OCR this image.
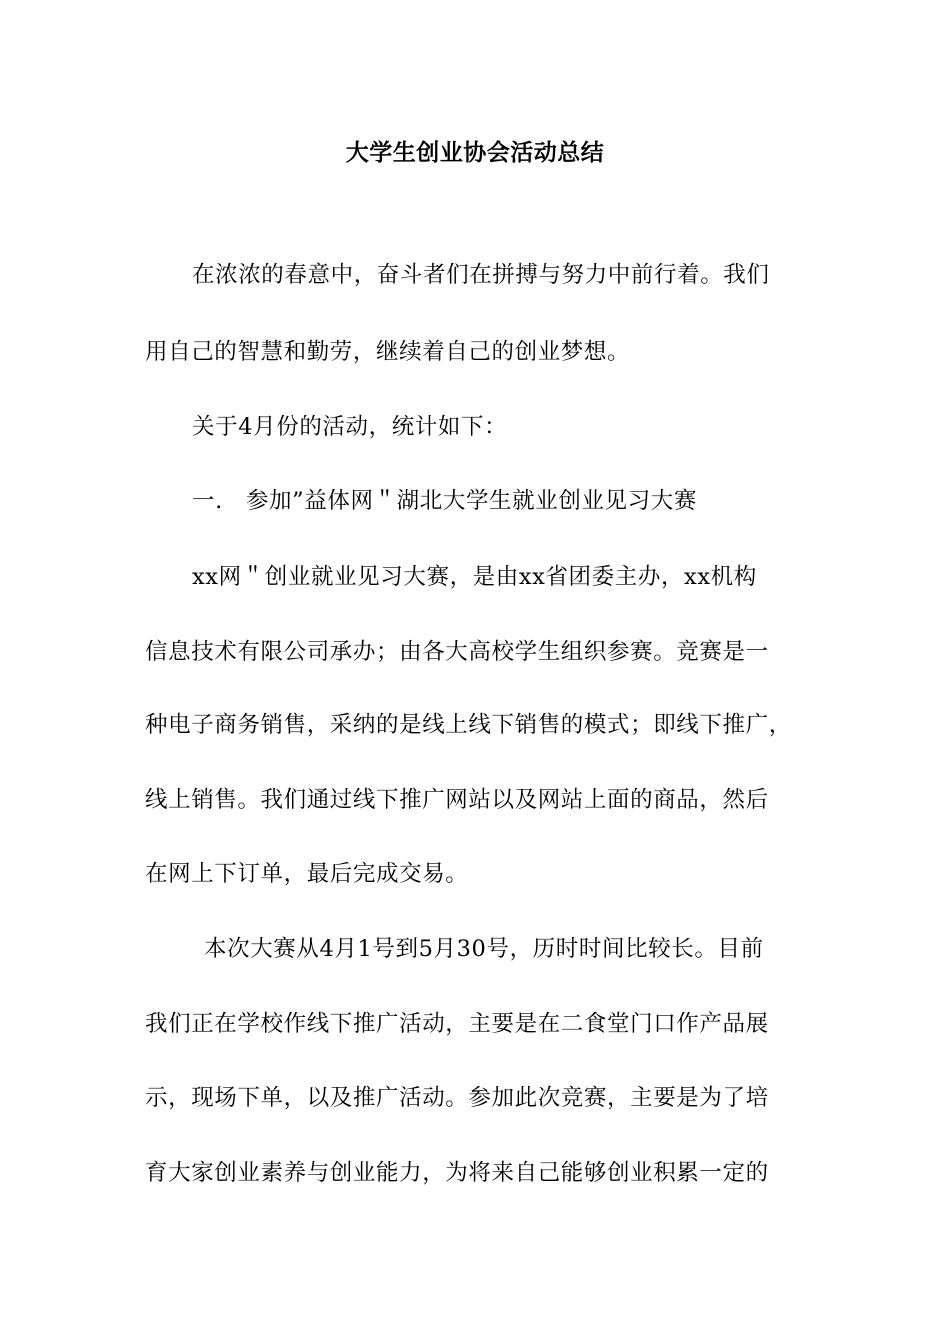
大学生创业协会活动总结
在浓浓的春意中，奋斗者们在拼搏与努力中前行着。我们
用自己的智慧和勤劳，继续着自己的创业梦想。
关于4月份的活动，统计如下：
一.　参加”益体网＂湖北大学生就业创业见习大赛
xx网＂创业就业见习大赛，是由xx省团委主办，xx机构
信息技术有限公司承办；由各大高校学生组织参赛。竞赛是一
种电子商务销售，采纳的是线上线下销售的模式；即线下推广，
线上销售。我们通过线下推广网站以及网站上面的商品，然后
在网上下订单，最后完成交易。
本次大赛从4月1号到5月30号，历时时间比较长。目前
我们正在学校作线下推广活动，主要是在二食堂门口作产品展
示，现场下单，以及推广活动。参加此次竞赛，主要是为了培
育大家创业素养与创业能力，为将来自己能够创业积累一定的
